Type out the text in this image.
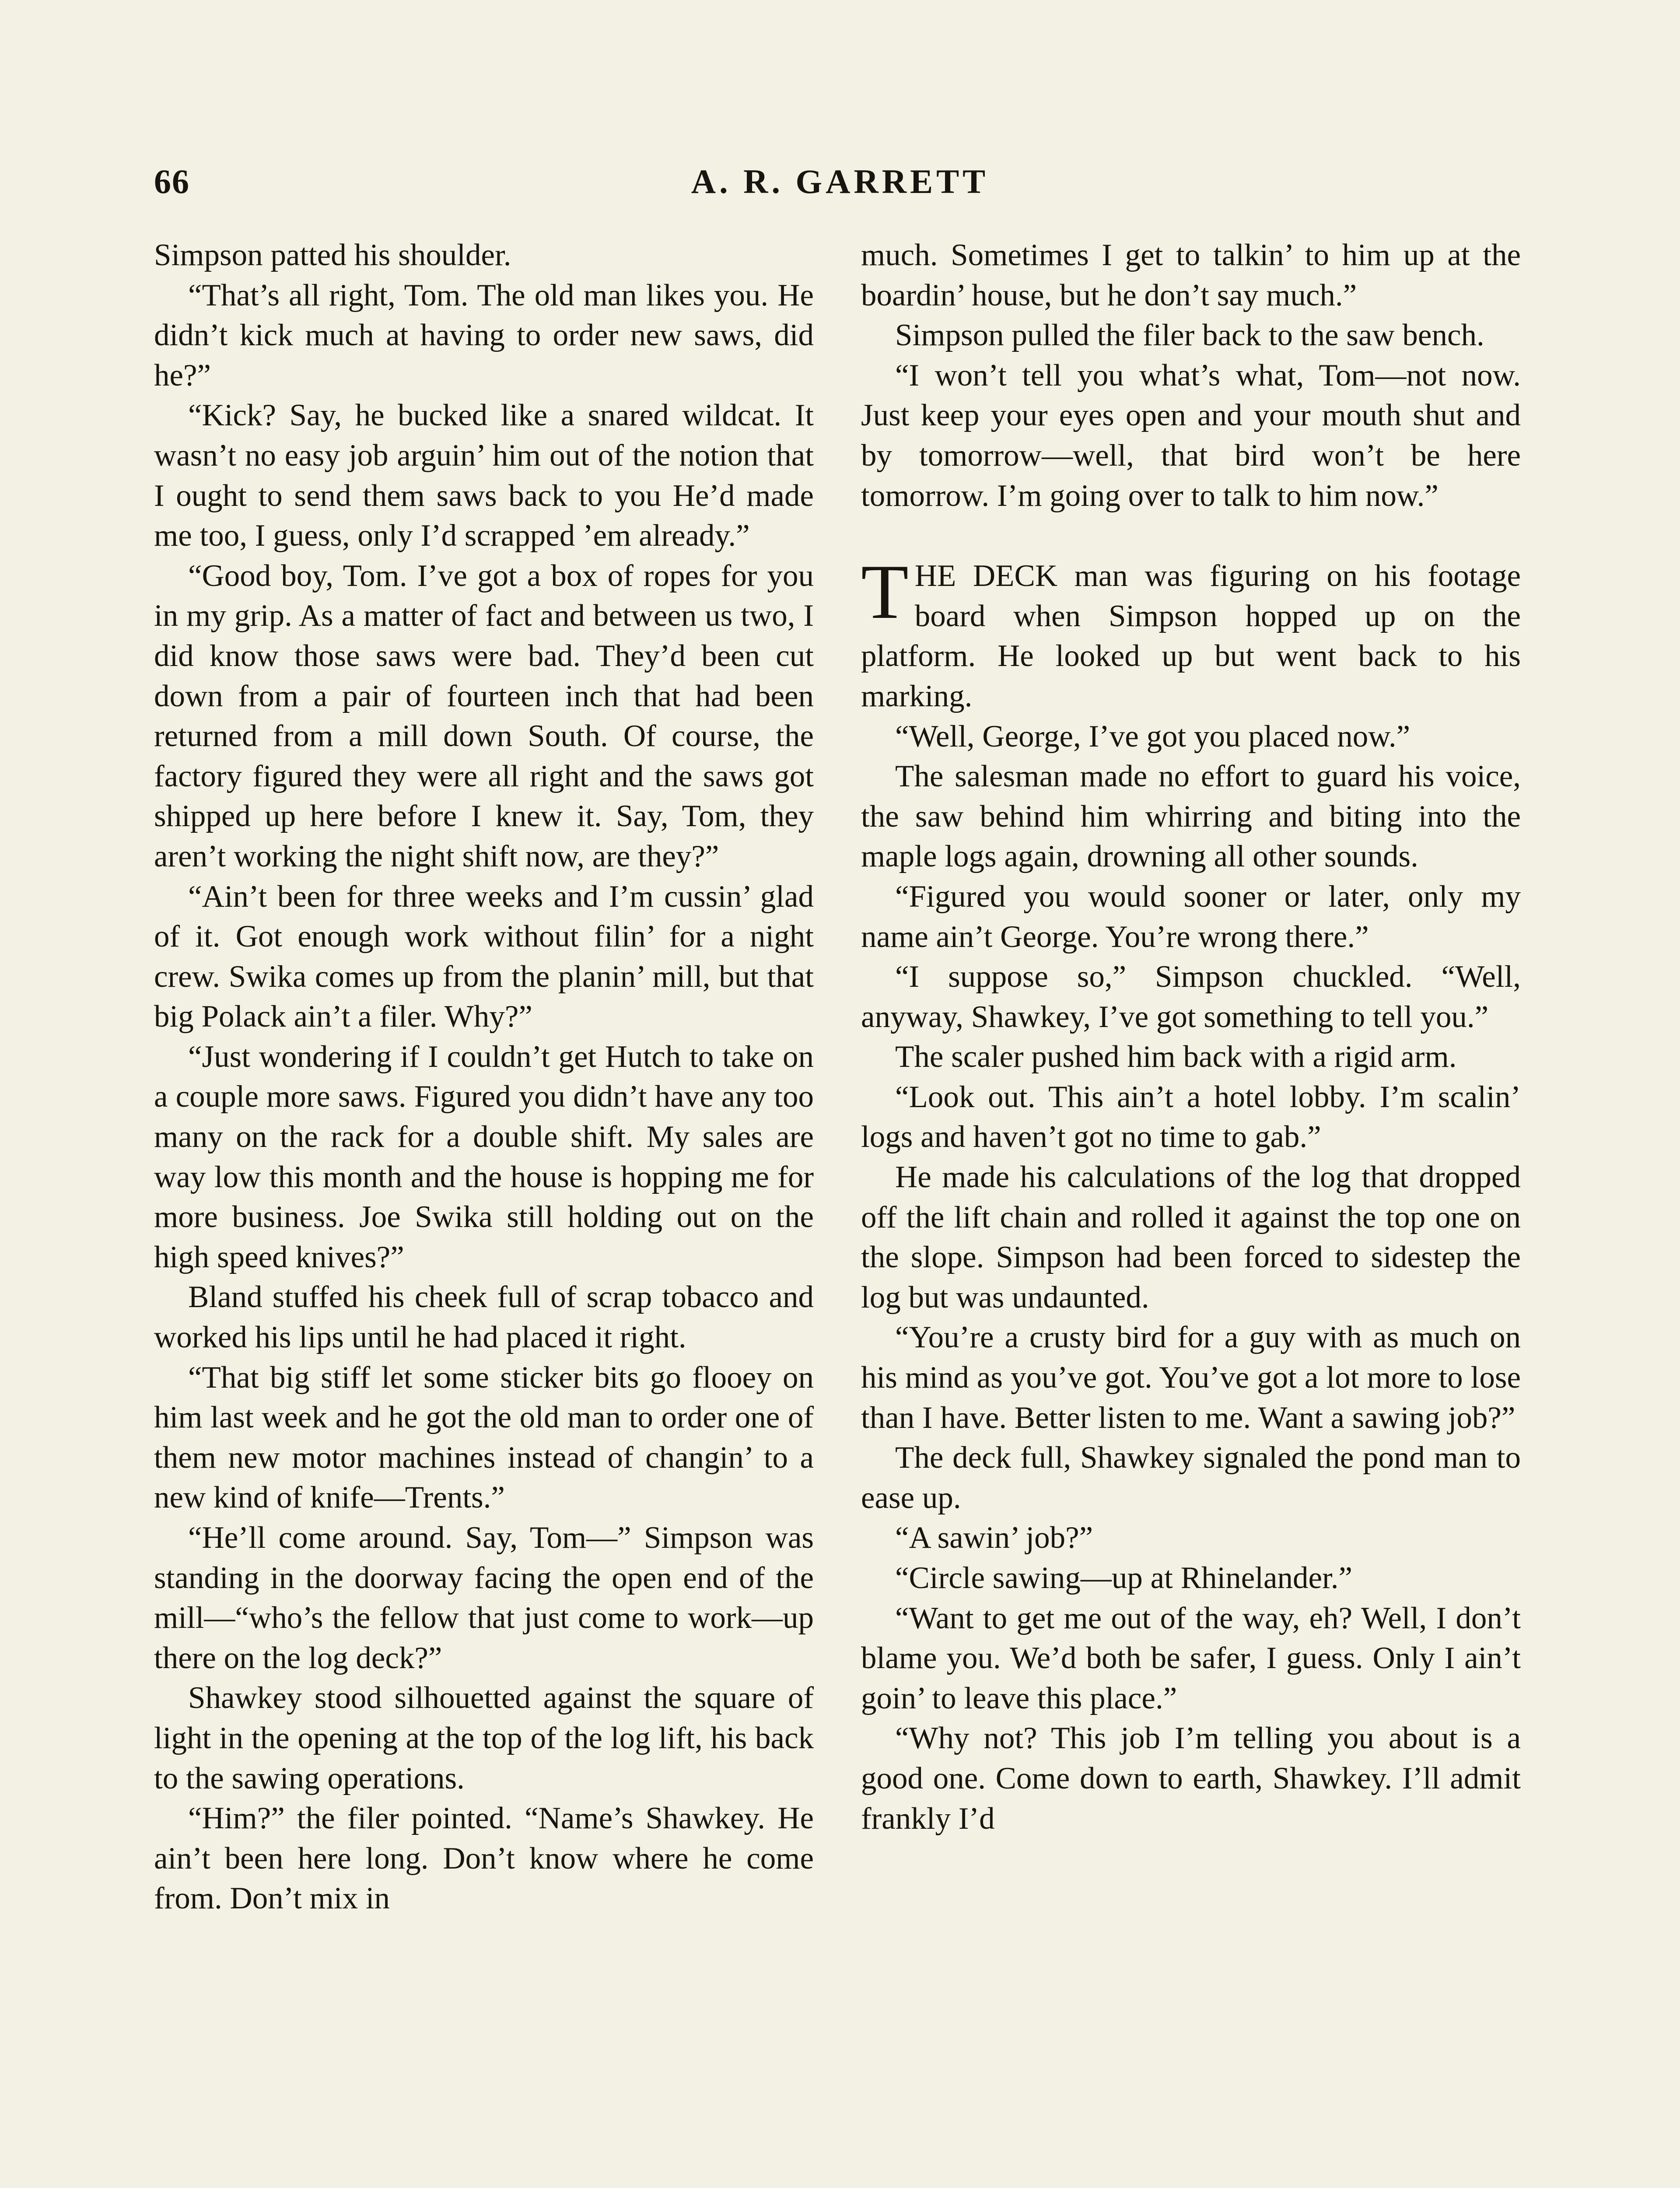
66	A. R. GARRETT

Simpson patted his shoulder.

“That’s all right, Tom. The old man likes you. He didn’t kick much at having to order new saws, did he?”

“Kick? Say, he bucked like a snared wildcat. It wasn’t no easy job arguin’ him out of the notion that I ought to send them saws back to you He’d made me too, I guess, only I’d scrapped ’em already.”

“Good boy, Tom. I’ve got a box of ropes for you in my grip. As a matter of fact and between us two, I did know those saws were bad. They’d been cut down from a pair of fourteen inch that had been returned from a mill down South. Of course, the factory figured they were all right and the saws got shipped up here before I knew it. Say, Tom, they aren’t working the night shift now, are they?”

“Ain’t been for three weeks and I’m cussin’ glad of it. Got enough work without filin’ for a night crew. Swika comes up from the planin’ mill, but that big Polack ain’t a filer. Why?”

“Just wondering if I couldn’t get Hutch to take on a couple more saws. Figured you didn’t have any too many on the rack for a double shift. My sales are way low this month and the house is hopping me for more business. Joe Swika still holding out on the high speed knives?”

Bland stuffed his cheek full of scrap tobacco and worked his lips until he had placed it right.

“That big stiff let some sticker bits go flooey on him last week and he got the old man to order one of them new motor machines instead of changin’ to a new kind of knife—Trents.”

“He’ll come around. Say, Tom—” Simpson was standing in the doorway facing the open end of the mill—“who’s the fellow that just come to work—up there on the log deck?”

Shawkey stood silhouetted against the square of light in the opening at the top of the log lift, his back to the sawing operations.

“Him?” the filer pointed. “Name’s Shawkey. He ain’t been here long. Don’t know where he come from. Don’t mix in

much. Sometimes I get to talkin’ to him up at the boardin’ house, but he don’t say much.”

Simpson pulled the filer back to the saw bench.

“I won’t tell you what’s what, Tom—not now. Just keep your eyes open and your mouth shut and by tomorrow—well, that bird won’t be here tomorrow. I’m going over to talk to him now.”

THE DECK man was figuring on his footage board when Simpson hopped up on the platform. He looked up but went back to his marking.

“Well, George, I’ve got you placed now.”

The salesman made no effort to guard his voice, the saw behind him whirring and biting into the maple logs again, drowning all other sounds.

“Figured you would sooner or later, only my name ain’t George. You’re wrong there.”

“I suppose so,” Simpson chuckled. “Well, anyway, Shawkey, I’ve got something to tell you.”

The scaler pushed him back with a rigid arm.

“Look out. This ain’t a hotel lobby. I’m scalin’ logs and haven’t got no time to gab.”

He made his calculations of the log that dropped off the lift chain and rolled it against the top one on the slope. Simpson had been forced to sidestep the log but was undaunted.

“You’re a crusty bird for a guy with as much on his mind as you’ve got. You’ve got a lot more to lose than I have. Better listen to me. Want a sawing job?”

The deck full, Shawkey signaled the pond man to ease up.

“A sawin’ job?”

“Circle sawing—up at Rhinelander.”

“Want to get me out of the way, eh? Well, I don’t blame you. We’d both be safer, I guess. Only I ain’t goin’ to leave this place.”

“Why not? This job I’m telling you about is a good one. Come down to earth, Shawkey. I’ll admit frankly I’d
